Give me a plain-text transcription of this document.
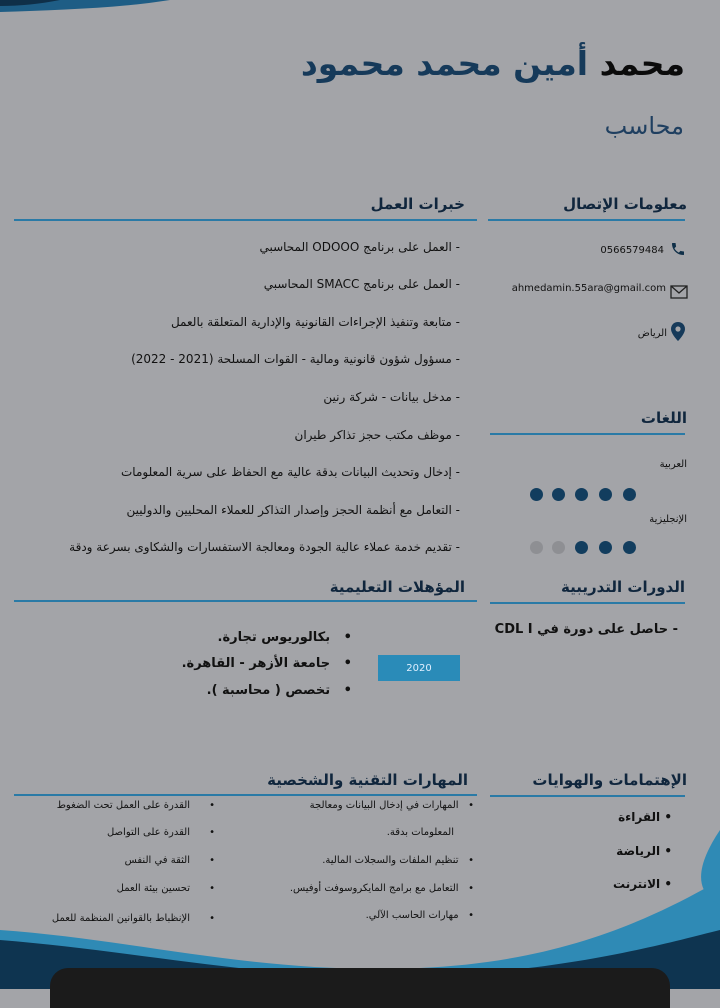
محمد أمين محمد محمود
محاسب
معلومات الإتصال
0566579484
ahmedamin.55ara@gmail.com
الرياض
اللغات
العربية
الإنجليزية
الدورات التدريبية
- حاصل على دورة في CDL I
الإهتمامات والهوايات
• القراءة
• الرياضة
• الانترنت
خبرات العمل
- العمل على برنامج ODOOO المحاسبي
- العمل على برنامج SMACC المحاسبي
- متابعة وتنفيذ الإجراءات القانونية والإدارية المتعلقة بالعمل
- مسؤول شؤون قانونية ومالية - القوات المسلحة (2021 - 2022)
- مدخل بيانات - شركة رنين
- موظف مكتب حجز تذاكر طيران
- إدخال وتحديث البيانات بدقة عالية مع الحفاظ على سرية المعلومات
- التعامل مع أنظمة الحجز وإصدار التذاكر للعملاء المحليين والدوليين
- تقديم خدمة عملاء عالية الجودة ومعالجة الاستفسارات والشكاوى بسرعة ودقة
المؤهلات التعليمية
2020
•   بكالوريوس تجارة.
•   جامعة الأزهر - القاهرة.
•   تخصص ( محاسبة ).
المهارات التقنية والشخصية
•   المهارات في إدخال البيانات ومعالجة
المعلومات بدقة.
•   تنظيم الملفات والسجلات المالية.
•   التعامل مع برامج المايكروسوفت أوفيس.
•   مهارات الحاسب الآلي.
•      القدرة على العمل تحت الضغوط
•      القدرة على التواصل
•      الثقة في النفس
•      تحسين بيئة العمل
•      الإنظباط بالقوانين المنظمة للعمل
